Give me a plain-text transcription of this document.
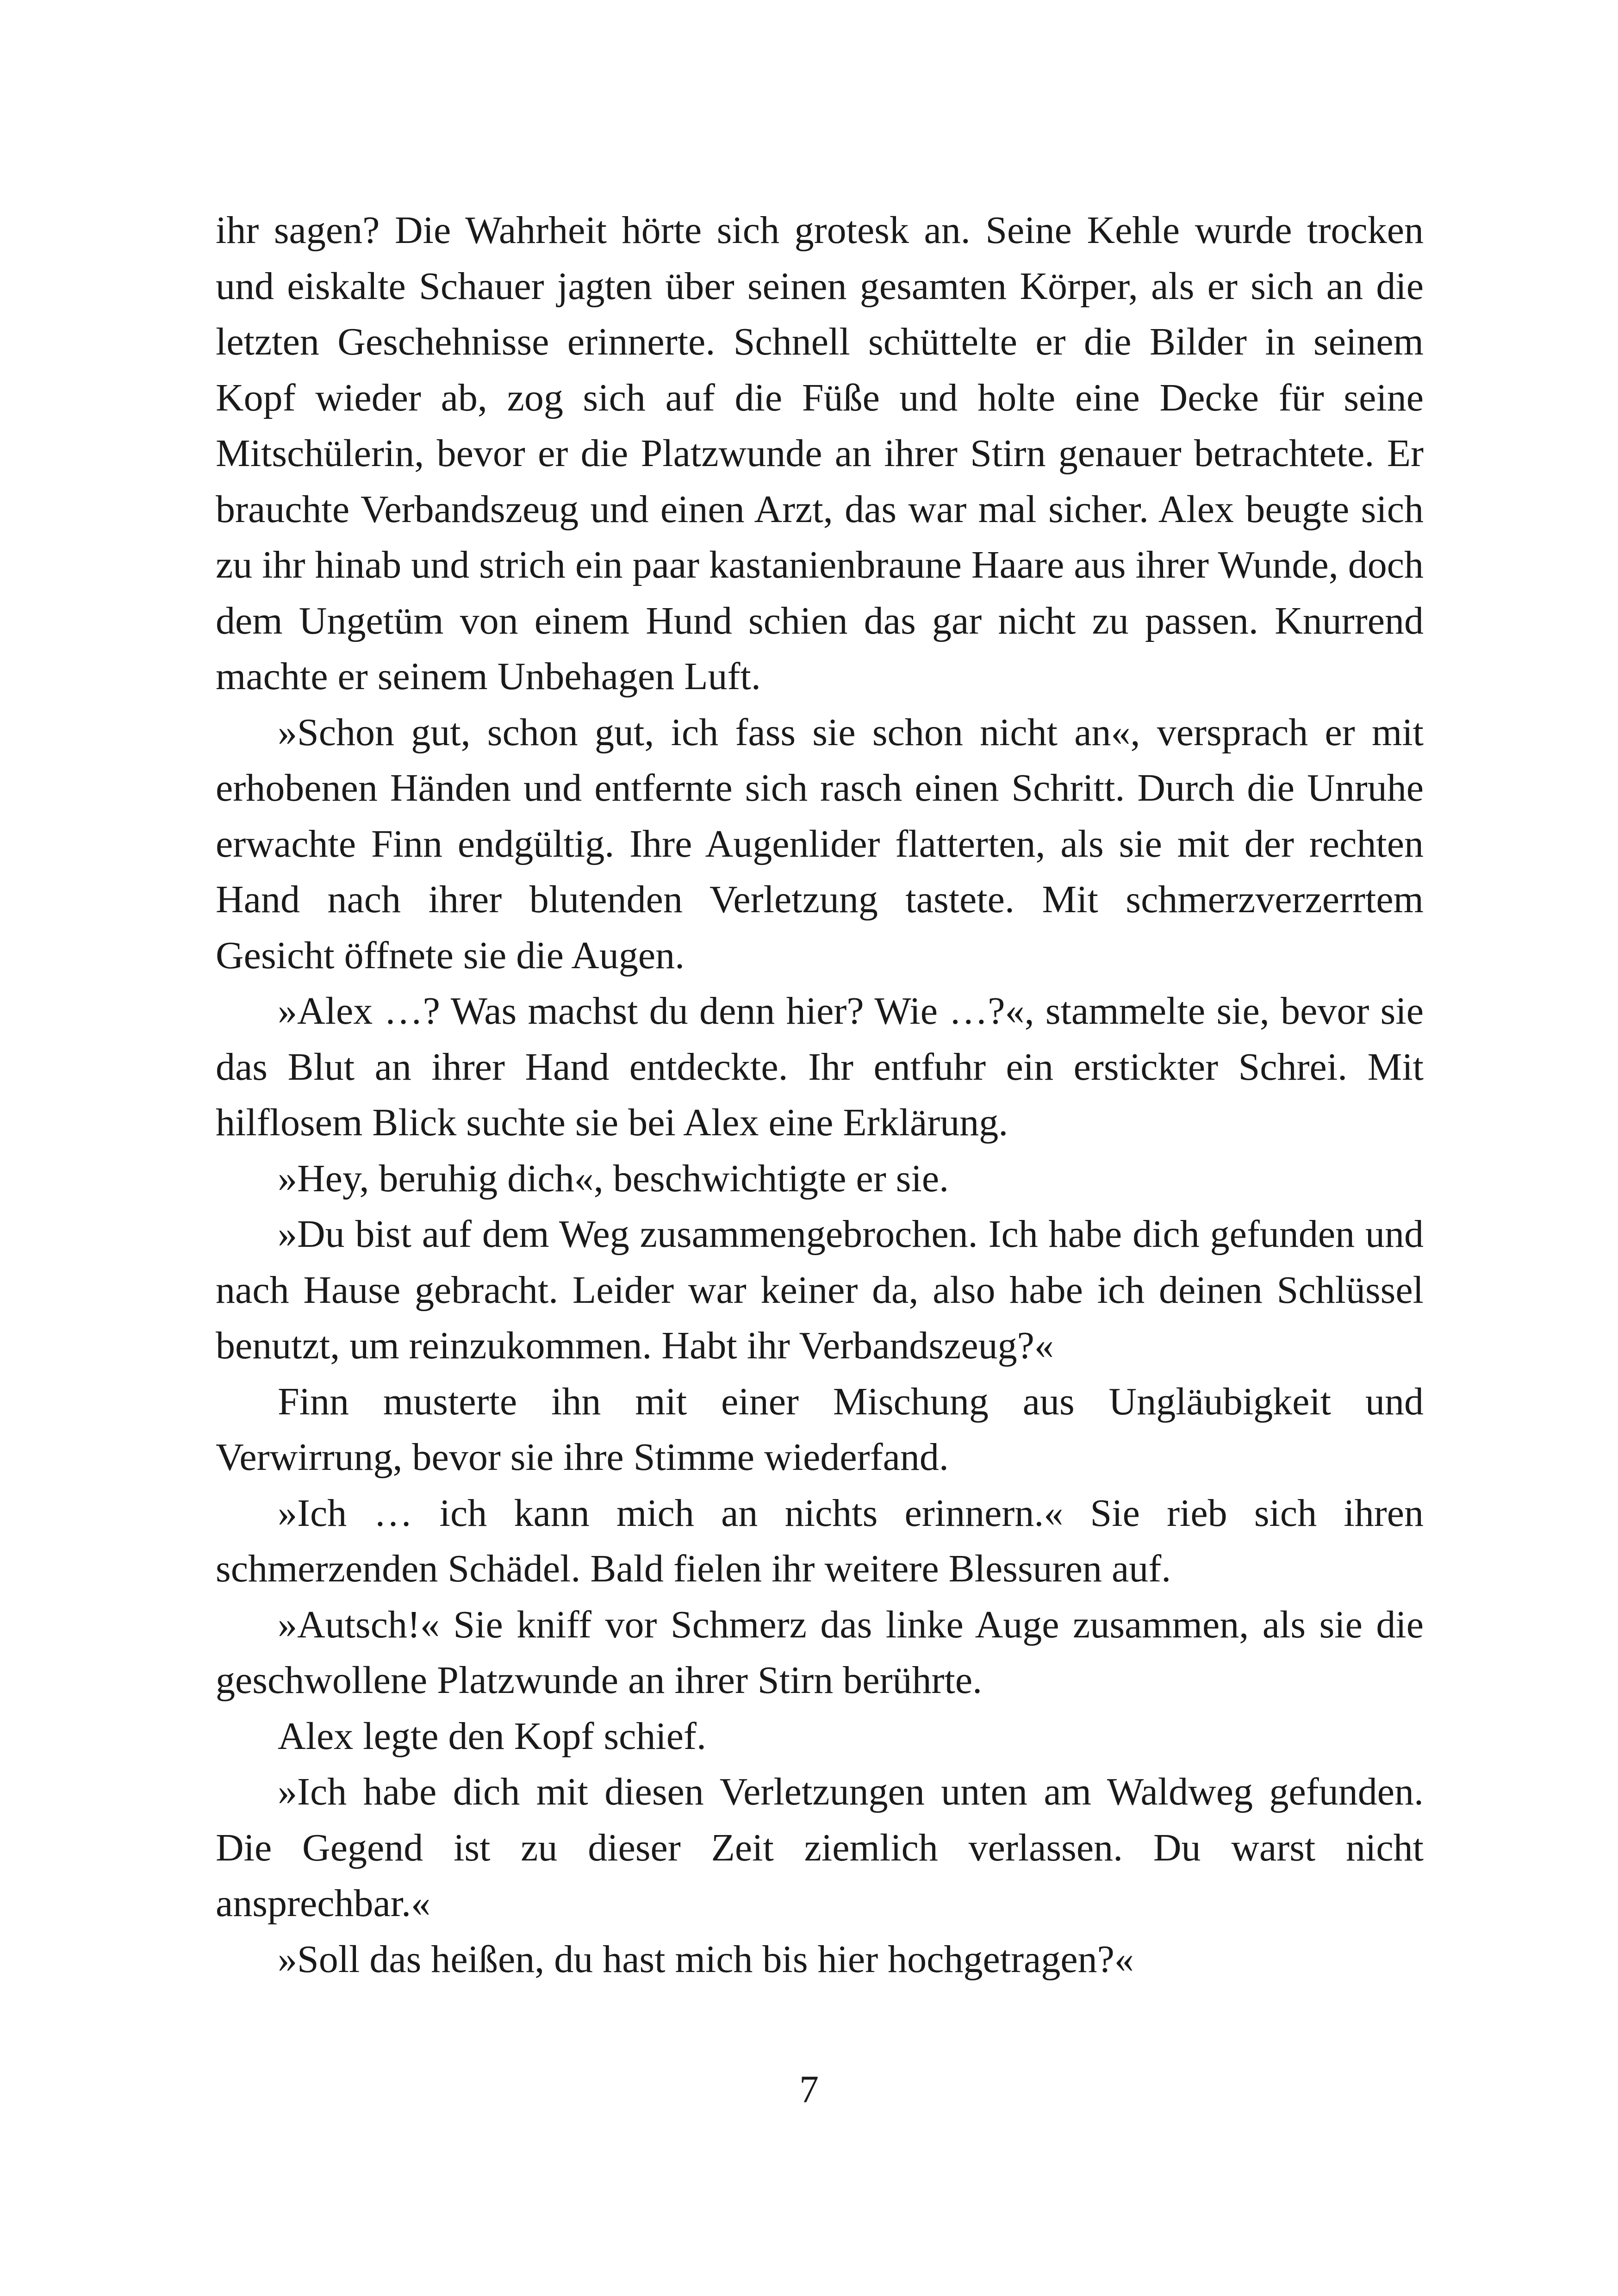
ihr sagen? Die Wahrheit hörte sich grotesk an. Seine Kehle wurde trocken und eiskalte Schauer jagten über seinen gesamten Körper, als er sich an die letzten Geschehnisse erinnerte. Schnell schüttelte er die Bilder in seinem Kopf wieder ab, zog sich auf die Füße und holte eine Decke für seine Mitschülerin, bevor er die Platzwunde an ihrer Stirn genauer betrachtete. Er brauchte Verbandszeug und einen Arzt, das war mal sicher. Alex beugte sich zu ihr hinab und strich ein paar kastanienbraune Haare aus ihrer Wunde, doch dem Ungetüm von einem Hund schien das gar nicht zu passen. Knurrend machte er seinem Unbehagen Luft.

»Schon gut, schon gut, ich fass sie schon nicht an«, versprach er mit erhobenen Händen und entfernte sich rasch einen Schritt. Durch die Unruhe erwachte Finn endgültig. Ihre Augenlider flatterten, als sie mit der rechten Hand nach ihrer blutenden Verletzung tastete. Mit schmerzverzerrtem Gesicht öffnete sie die Augen.

»Alex …? Was machst du denn hier? Wie …?«, stammelte sie, bevor sie das Blut an ihrer Hand entdeckte. Ihr entfuhr ein erstickter Schrei. Mit hilflosem Blick suchte sie bei Alex eine Erklärung.

»Hey, beruhig dich«, beschwichtigte er sie.

»Du bist auf dem Weg zusammengebrochen. Ich habe dich gefunden und nach Hause gebracht. Leider war keiner da, also habe ich deinen Schlüssel benutzt, um reinzukommen. Habt ihr Verbandszeug?«

Finn musterte ihn mit einer Mischung aus Ungläubigkeit und Verwirrung, bevor sie ihre Stimme wiederfand.

»Ich … ich kann mich an nichts erinnern.« Sie rieb sich ihren schmerzenden Schädel. Bald fielen ihr weitere Blessuren auf.

»Autsch!« Sie kniff vor Schmerz das linke Auge zusammen, als sie die geschwollene Platzwunde an ihrer Stirn berührte.

Alex legte den Kopf schief.

»Ich habe dich mit diesen Verletzungen unten am Waldweg gefunden. Die Gegend ist zu dieser Zeit ziemlich verlassen. Du warst nicht ansprechbar.«

»Soll das heißen, du hast mich bis hier hochgetragen?«

7
